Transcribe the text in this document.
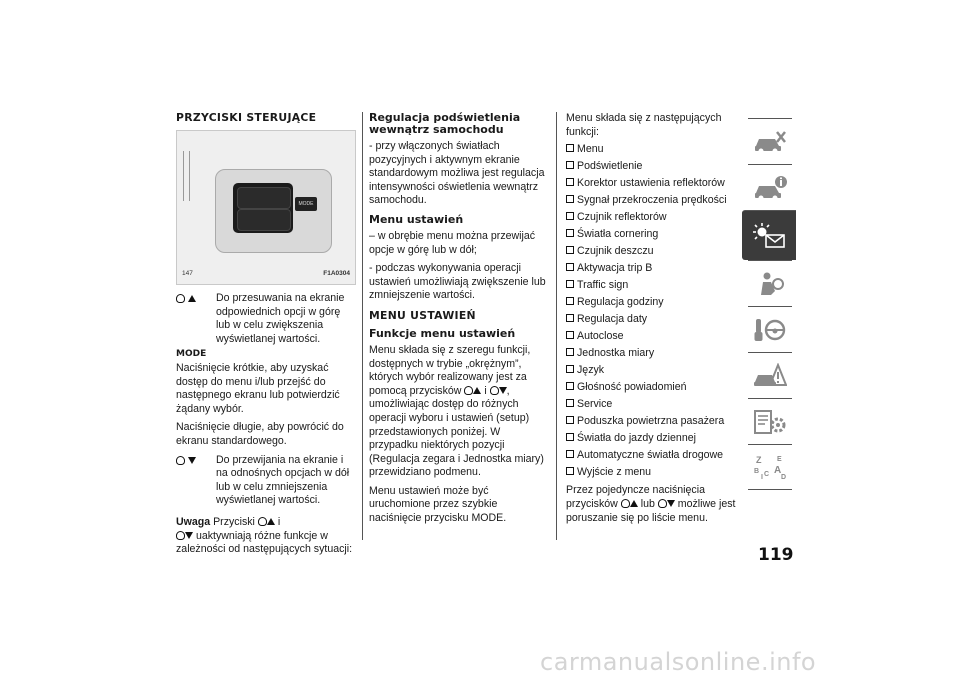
PRZYCISKI STERUJĄCE
MODE
147	F1A0304

Do przesuwania na ekranie odpowiednich opcji w górę lub w celu zwiększenia wyświetlanej wartości.
MODE

Naciśnięcie krótkie, aby uzyskać dostęp do menu i/lub przejść do następnego ekranu lub potwierdzić żądany wybór.

Naciśnięcie długie, aby powrócić do ekranu standardowego.

Do przewijania na ekranie i na odnośnych opcjach w dół lub w celu zmniejszenia wyświetlanej wartości.

Uwaga Przyciski i
uaktywniają różne funkcje w zależności od następujących sytuacji:

Regulacja podświetlenia wewnątrz samochodu

- przy włączonych światłach pozycyjnych i aktywnym ekranie standardowym możliwa jest regulacja intensywności oświetlenia wewnątrz samochodu.

Menu ustawień

– w obrębie menu można przewijać opcje w górę lub w dół;

- podczas wykonywania operacji ustawień umożliwiają zwiększenie lub zmniejszenie wartości.

MENU USTAWIEŃ
Funkcje menu ustawień

Menu składa się z szeregu funkcji, dostępnych w trybie „okrężnym”, których wybór realizowany jest za pomocą przycisków i , umożliwiając dostęp do różnych operacji wyboru i ustawień (setup) przedstawionych poniżej. W przypadku niektórych pozycji (Regulacja zegara i Jednostka miary) przewidziano podmenu.

Menu ustawień może być uruchomione przez szybkie naciśnięcie przycisku MODE.

Menu składa się z następujących funkcji:

Menu
Podświetlenie
Korektor ustawienia reflektorów
Sygnał przekroczenia prędkości
Czujnik reflektorów
Światła cornering
Czujnik deszczu
Aktywacja trip B
Traffic sign
Regulacja godziny
Regulacja daty
Autoclose
Jednostka miary
Język
Głośność powiadomień
Service
Poduszka powietrzna pasażera
Światła do jazdy dziennej
Automatyczne światła drogowe
Wyjście z menu

Przez pojedyncze naciśnięcia przycisków lub możliwe jest poruszanie się po liście menu.

Z E
A
B C D
I
119
carmanualsonline.info
